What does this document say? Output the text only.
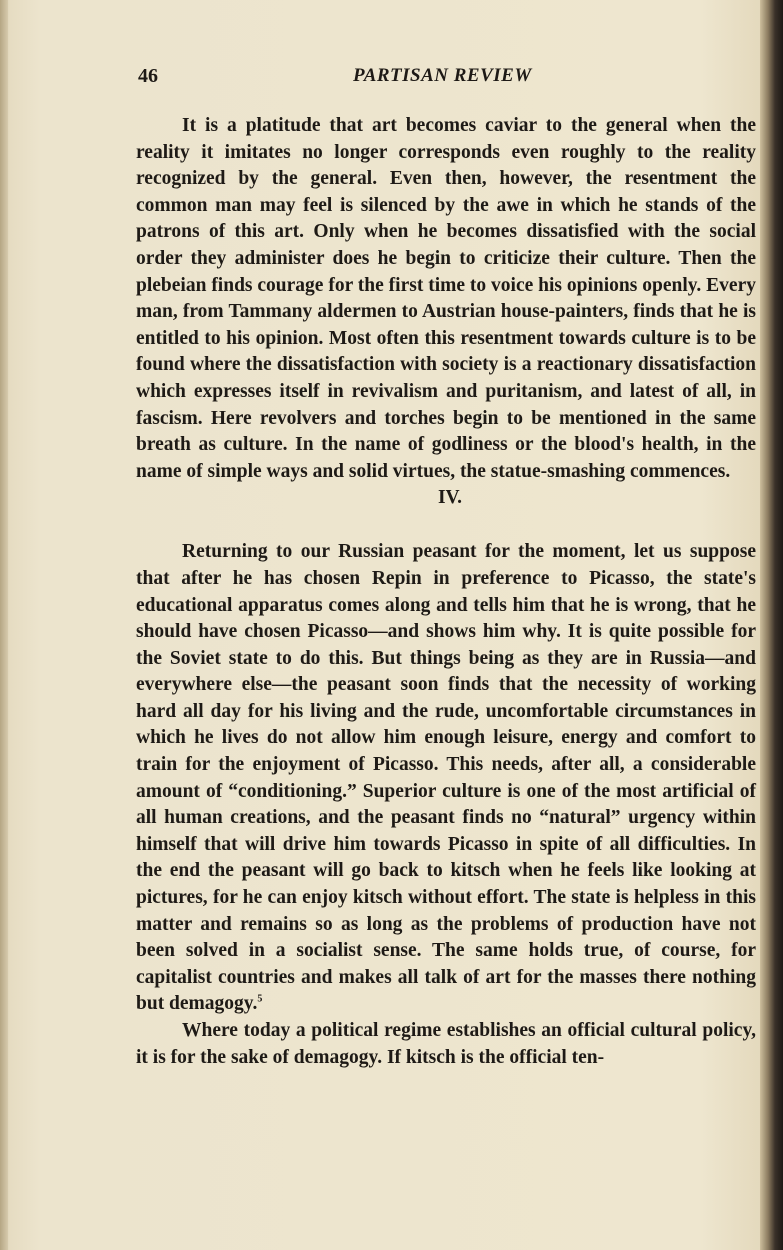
46	PARTISAN REVIEW

It is a platitude that art becomes caviar to the general when the reality it imitates no longer corresponds even roughly to the reality recognized by the general. Even then, however, the resentment the common man may feel is silenced by the awe in which he stands of the patrons of this art. Only when he becomes dissatisfied with the social order they administer does he begin to criticize their culture. Then the plebeian finds courage for the first time to voice his opinions openly. Every man, from Tammany aldermen to Austrian house-painters, finds that he is entitled to his opinion. Most often this resentment towards culture is to be found where the dissatisfaction with society is a reactionary dissatisfaction which expresses itself in revivalism and puritanism, and latest of all, in fascism. Here revolvers and torches begin to be mentioned in the same breath as culture. In the name of godliness or the blood's health, in the name of simple ways and solid virtues, the statue-smashing commences.

IV.

Returning to our Russian peasant for the moment, let us suppose that after he has chosen Repin in preference to Picasso, the state's educational apparatus comes along and tells him that he is wrong, that he should have chosen Picasso—and shows him why. It is quite possible for the Soviet state to do this. But things being as they are in Russia—and everywhere else—the peasant soon finds that the necessity of working hard all day for his living and the rude, uncomfortable circumstances in which he lives do not allow him enough leisure, energy and comfort to train for the enjoyment of Picasso. This needs, after all, a considerable amount of “conditioning.” Superior culture is one of the most artificial of all human creations, and the peasant finds no “natural” urgency within himself that will drive him towards Picasso in spite of all difficulties. In the end the peasant will go back to kitsch when he feels like looking at pictures, for he can enjoy kitsch without effort. The state is helpless in this matter and remains so as long as the problems of production have not been solved in a socialist sense. The same holds true, of course, for capitalist countries and makes all talk of art for the masses there nothing but demagogy.$^5$

Where today a political regime establishes an official cultural policy, it is for the sake of demagogy. If kitsch is the official ten-
